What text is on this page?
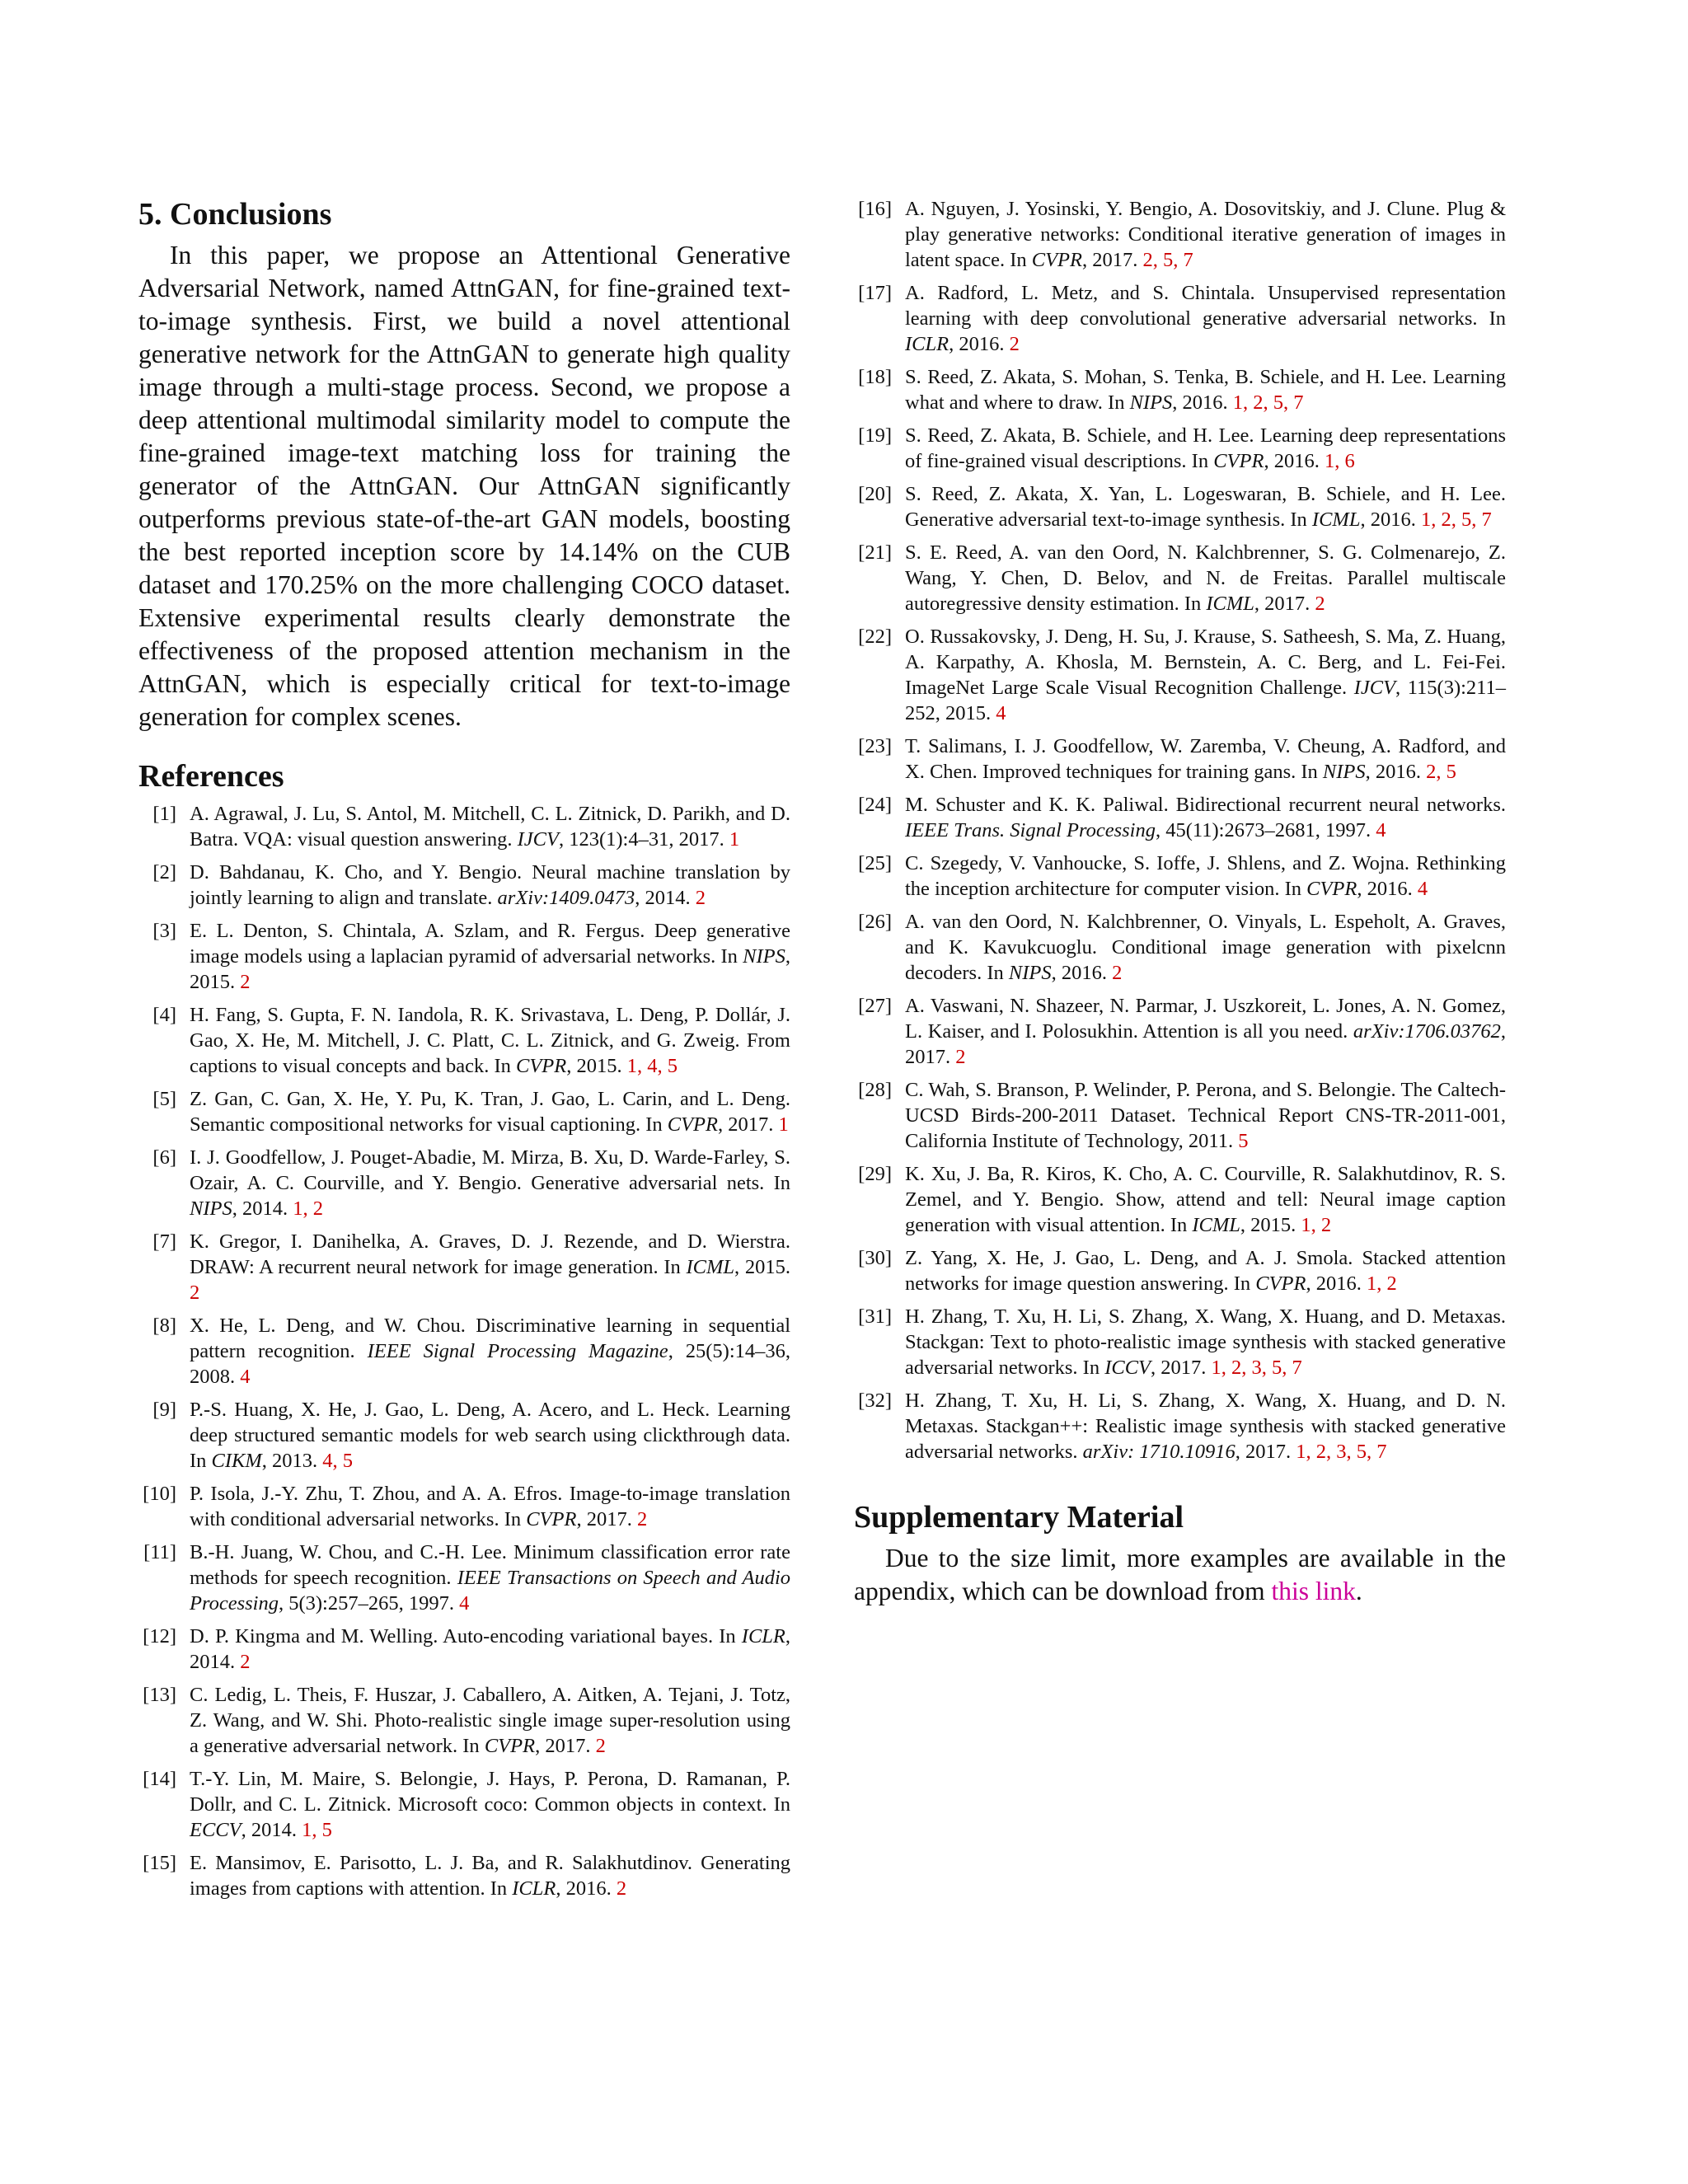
5. Conclusions

In this paper, we propose an Attentional Generative Adversarial Network, named AttnGAN, for fine-grained text-to-image synthesis. First, we build a novel attentional generative network for the AttnGAN to generate high quality image through a multi-stage process. Second, we propose a deep attentional multimodal similarity model to compute the fine-grained image-text matching loss for training the generator of the AttnGAN. Our AttnGAN significantly outperforms previous state-of-the-art GAN models, boosting the best reported inception score by 14.14% on the CUB dataset and 170.25% on the more challenging COCO dataset. Extensive experimental results clearly demonstrate the effectiveness of the proposed attention mechanism in the AttnGAN, which is especially critical for text-to-image generation for complex scenes.

References
[1] A. Agrawal, J. Lu, S. Antol, M. Mitchell, C. L. Zitnick, D. Parikh, and D. Batra. VQA: visual question answering. IJCV, 123(1):4–31, 2017. 1
[2] D. Bahdanau, K. Cho, and Y. Bengio. Neural machine translation by jointly learning to align and translate. arXiv:1409.0473, 2014. 2
[3] E. L. Denton, S. Chintala, A. Szlam, and R. Fergus. Deep generative image models using a laplacian pyramid of adversarial networks. In NIPS, 2015. 2
[4] H. Fang, S. Gupta, F. N. Iandola, R. K. Srivastava, L. Deng, P. Dollár, J. Gao, X. He, M. Mitchell, J. C. Platt, C. L. Zitnick, and G. Zweig. From captions to visual concepts and back. In CVPR, 2015. 1, 4, 5
[5] Z. Gan, C. Gan, X. He, Y. Pu, K. Tran, J. Gao, L. Carin, and L. Deng. Semantic compositional networks for visual captioning. In CVPR, 2017. 1
[6] I. J. Goodfellow, J. Pouget-Abadie, M. Mirza, B. Xu, D. Warde-Farley, S. Ozair, A. C. Courville, and Y. Bengio. Generative adversarial nets. In NIPS, 2014. 1, 2
[7] K. Gregor, I. Danihelka, A. Graves, D. J. Rezende, and D. Wierstra. DRAW: A recurrent neural network for image generation. In ICML, 2015. 2
[8] X. He, L. Deng, and W. Chou. Discriminative learning in sequential pattern recognition. IEEE Signal Processing Magazine, 25(5):14–36, 2008. 4
[9] P.-S. Huang, X. He, J. Gao, L. Deng, A. Acero, and L. Heck. Learning deep structured semantic models for web search using clickthrough data. In CIKM, 2013. 4, 5
[10] P. Isola, J.-Y. Zhu, T. Zhou, and A. A. Efros. Image-to-image translation with conditional adversarial networks. In CVPR, 2017. 2
[11] B.-H. Juang, W. Chou, and C.-H. Lee. Minimum classification error rate methods for speech recognition. IEEE Transactions on Speech and Audio Processing, 5(3):257–265, 1997. 4
[12] D. P. Kingma and M. Welling. Auto-encoding variational bayes. In ICLR, 2014. 2
[13] C. Ledig, L. Theis, F. Huszar, J. Caballero, A. Aitken, A. Tejani, J. Totz, Z. Wang, and W. Shi. Photo-realistic single image super-resolution using a generative adversarial network. In CVPR, 2017. 2
[14] T.-Y. Lin, M. Maire, S. Belongie, J. Hays, P. Perona, D. Ramanan, P. Dollr, and C. L. Zitnick. Microsoft coco: Common objects in context. In ECCV, 2014. 1, 5
[15] E. Mansimov, E. Parisotto, L. J. Ba, and R. Salakhutdinov. Generating images from captions with attention. In ICLR, 2016. 2
[16] A. Nguyen, J. Yosinski, Y. Bengio, A. Dosovitskiy, and J. Clune. Plug & play generative networks: Conditional iterative generation of images in latent space. In CVPR, 2017. 2, 5, 7
[17] A. Radford, L. Metz, and S. Chintala. Unsupervised representation learning with deep convolutional generative adversarial networks. In ICLR, 2016. 2
[18] S. Reed, Z. Akata, S. Mohan, S. Tenka, B. Schiele, and H. Lee. Learning what and where to draw. In NIPS, 2016. 1, 2, 5, 7
[19] S. Reed, Z. Akata, B. Schiele, and H. Lee. Learning deep representations of fine-grained visual descriptions. In CVPR, 2016. 1, 6
[20] S. Reed, Z. Akata, X. Yan, L. Logeswaran, B. Schiele, and H. Lee. Generative adversarial text-to-image synthesis. In ICML, 2016. 1, 2, 5, 7
[21] S. E. Reed, A. van den Oord, N. Kalchbrenner, S. G. Colmenarejo, Z. Wang, Y. Chen, D. Belov, and N. de Freitas. Parallel multiscale autoregressive density estimation. In ICML, 2017. 2
[22] O. Russakovsky, J. Deng, H. Su, J. Krause, S. Satheesh, S. Ma, Z. Huang, A. Karpathy, A. Khosla, M. Bernstein, A. C. Berg, and L. Fei-Fei. ImageNet Large Scale Visual Recognition Challenge. IJCV, 115(3):211–252, 2015. 4
[23] T. Salimans, I. J. Goodfellow, W. Zaremba, V. Cheung, A. Radford, and X. Chen. Improved techniques for training gans. In NIPS, 2016. 2, 5
[24] M. Schuster and K. K. Paliwal. Bidirectional recurrent neural networks. IEEE Trans. Signal Processing, 45(11):2673–2681, 1997. 4
[25] C. Szegedy, V. Vanhoucke, S. Ioffe, J. Shlens, and Z. Wojna. Rethinking the inception architecture for computer vision. In CVPR, 2016. 4
[26] A. van den Oord, N. Kalchbrenner, O. Vinyals, L. Espeholt, A. Graves, and K. Kavukcuoglu. Conditional image generation with pixelcnn decoders. In NIPS, 2016. 2
[27] A. Vaswani, N. Shazeer, N. Parmar, J. Uszkoreit, L. Jones, A. N. Gomez, L. Kaiser, and I. Polosukhin. Attention is all you need. arXiv:1706.03762, 2017. 2
[28] C. Wah, S. Branson, P. Welinder, P. Perona, and S. Belongie. The Caltech-UCSD Birds-200-2011 Dataset. Technical Report CNS-TR-2011-001, California Institute of Technology, 2011. 5
[29] K. Xu, J. Ba, R. Kiros, K. Cho, A. C. Courville, R. Salakhutdinov, R. S. Zemel, and Y. Bengio. Show, attend and tell: Neural image caption generation with visual attention. In ICML, 2015. 1, 2
[30] Z. Yang, X. He, J. Gao, L. Deng, and A. J. Smola. Stacked attention networks for image question answering. In CVPR, 2016. 1, 2
[31] H. Zhang, T. Xu, H. Li, S. Zhang, X. Wang, X. Huang, and D. Metaxas. Stackgan: Text to photo-realistic image synthesis with stacked generative adversarial networks. In ICCV, 2017. 1, 2, 3, 5, 7
[32] H. Zhang, T. Xu, H. Li, S. Zhang, X. Wang, X. Huang, and D. N. Metaxas. Stackgan++: Realistic image synthesis with stacked generative adversarial networks. arXiv: 1710.10916, 2017. 1, 2, 3, 5, 7
Supplementary Material

Due to the size limit, more examples are available in the appendix, which can be download from this link.
